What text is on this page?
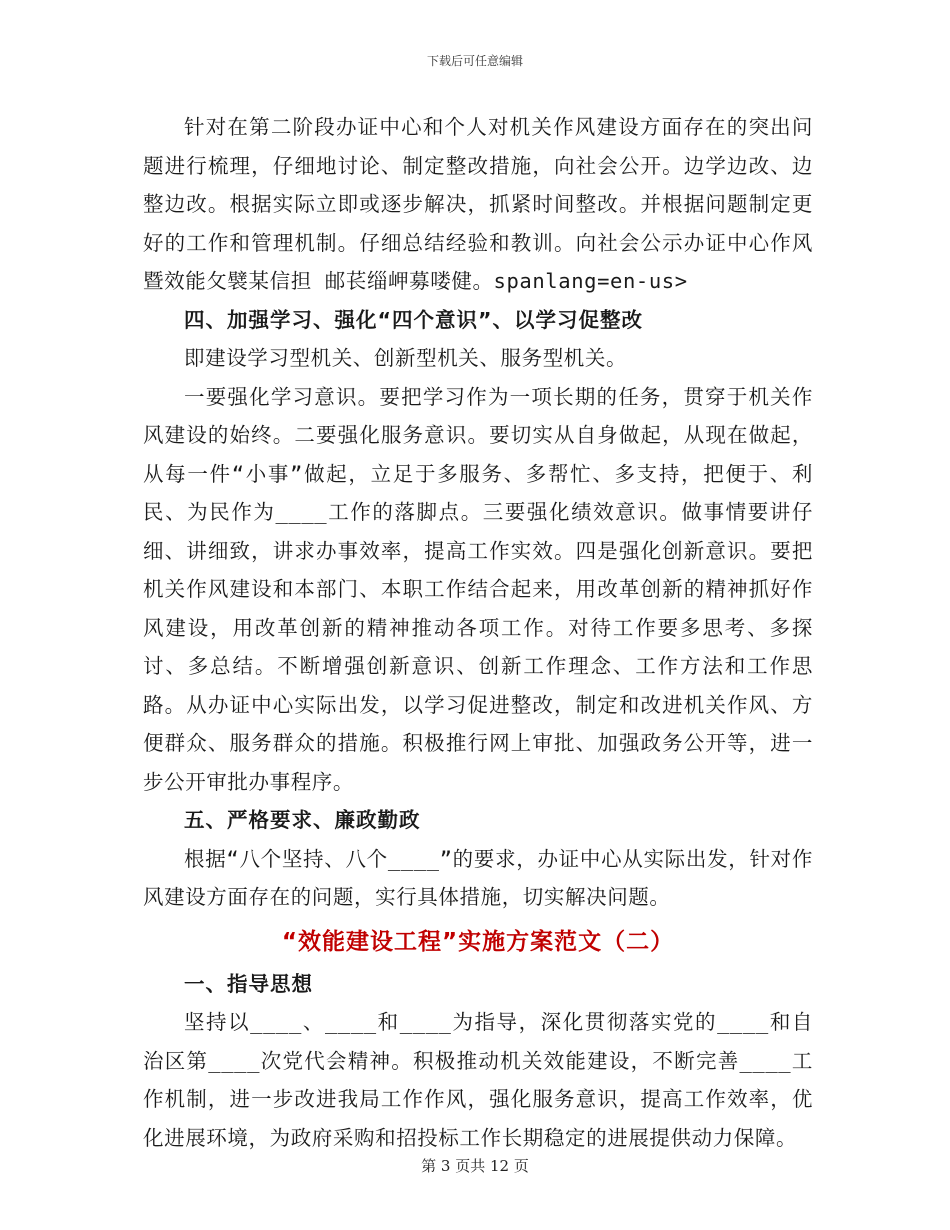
下载后可任意编辑

针对在第二阶段办证中心和个人对机关作风建设方面存在的突出问题进行梳理，仔细地讨论、制定整改措施，向社会公开。边学边改、边整边改。根据实际立即或逐步解决，抓紧时间整改。并根据问题制定更好的工作和管理机制。仔细总结经验和教训。向社会公示办证中心作风暨效能攵襞某信担 邮苌缁岬募喽健。spanlang=en-us>

四、加强学习、强化“四个意识”、以学习促整改

即建设学习型机关、创新型机关、服务型机关。

一要强化学习意识。要把学习作为一项长期的任务，贯穿于机关作风建设的始终。二要强化服务意识。要切实从自身做起，从现在做起，从每一件“小事”做起，立足于多服务、多帮忙、多支持，把便于、利民、为民作为____工作的落脚点。三要强化绩效意识。做事情要讲仔细、讲细致，讲求办事效率，提高工作实效。四是强化创新意识。要把机关作风建设和本部门、本职工作结合起来，用改革创新的精神抓好作风建设，用改革创新的精神推动各项工作。对待工作要多思考、多探讨、多总结。不断增强创新意识、创新工作理念、工作方法和工作思路。从办证中心实际出发，以学习促进整改，制定和改进机关作风、方便群众、服务群众的措施。积极推行网上审批、加强政务公开等，进一步公开审批办事程序。

五、严格要求、廉政勤政

根据“八个坚持、八个____”的要求，办证中心从实际出发，针对作风建设方面存在的问题，实行具体措施，切实解决问题。

“效能建设工程”实施方案范文（二）

一、指导思想

坚持以____、____和____为指导，深化贯彻落实党的____和自治区第____次党代会精神。积极推动机关效能建设，不断完善____工作机制，进一步改进我局工作作风，强化服务意识，提高工作效率，优化进展环境，为政府采购和招投标工作长期稳定的进展提供动力保障。

第 3 页共 12 页
